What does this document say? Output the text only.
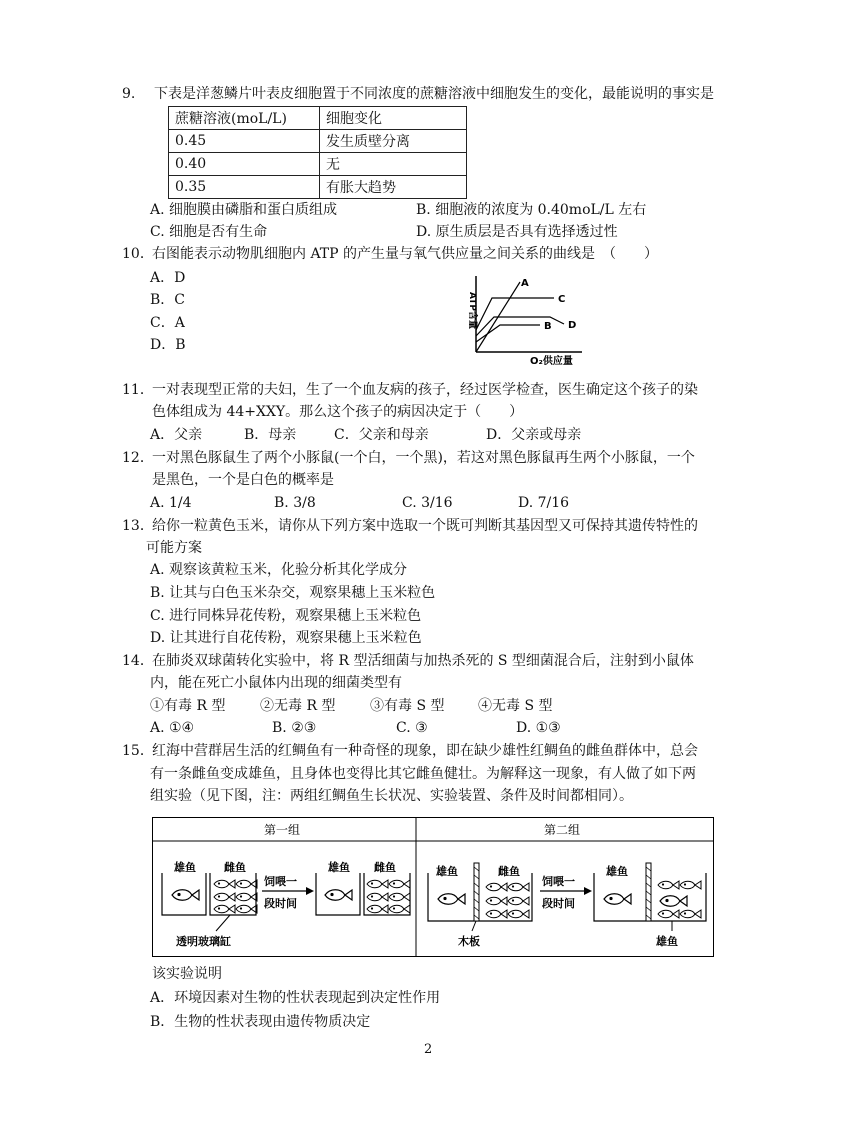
9. 下表是洋葱鳞片叶表皮细胞置于不同浓度的蔗糖溶液中细胞发生的变化，最能说明的事实是
蔗糖溶液(moL/L)	细胞变化
0.45	发生质壁分离
0.40	无
0.35	有胀大趋势
A. 细胞膜由磷脂和蛋白质组成	B. 细胞液的浓度为 0.40moL/L 左右
C. 细胞是否有生命	D. 原生质层是否具有选择透过性
10．
右图能表示动物肌细胞内 ATP 的产生量与氧气供应量之间关系的曲线是　（　　）
A．D
B．C
C．A
D．B
ATP含量
O₂供应量
A
B
C
D
11．
一对表现型正常的夫妇，生了一个血友病的孩子，经过医学检查，医生确定这个孩子的染
色体组成为 44+XXY。那么这个孩子的病因决定于（　　）
A．父亲	B．母亲	C．父亲和母亲	D．父亲或母亲
12．
一对黑色豚鼠生了两个小豚鼠(一个白，一个黑)，若这对黑色豚鼠再生两个小豚鼠，一个
是黑色，一个是白色的概率是
A. 1/4	B. 3/8	C. 3/16	D. 7/16
13．
给你一粒黄色玉米，请你从下列方案中选取一个既可判断其基因型又可保持其遗传特性的
可能方案
A. 观察该黄粒玉米，化验分析其化学成分
B. 让其与白色玉米杂交，观察果穗上玉米粒色
C. 进行同株异花传粉，观察果穗上玉米粒色
D. 让其进行自花传粉，观察果穗上玉米粒色
14．
在肺炎双球菌转化实验中，将 R 型活细菌与加热杀死的 S 型细菌混合后，注射到小鼠体
内，能在死亡小鼠体内出现的细菌类型有
①有毒 R 型 ②无毒 R 型 ③有毒 S 型 ④无毒 S 型
A. ①④	B. ②③	C. ③	D. ①③
15．
红海中营群居生活的红鲷鱼有一种奇怪的现象，即在缺少雄性红鲷鱼的雌鱼群体中，总会
有一条雌鱼变成雄鱼，且身体也变得比其它雌鱼健壮。为解释这一现象，有人做了如下两
组实验（见下图，注：两组红鲷鱼生长状况、实验装置、条件及时间都相同）。
第一组	第二组
雄鱼	雌鱼
透明玻璃缸
饲喂一
段时间
雄鱼 雌鱼	雄鱼	雌鱼
木板
饲喂一
段时间
雄鱼
雄鱼
该实验说明
A．环境因素对生物的性状表现起到决定性作用
B．生物的性状表现由遗传物质决定
2
